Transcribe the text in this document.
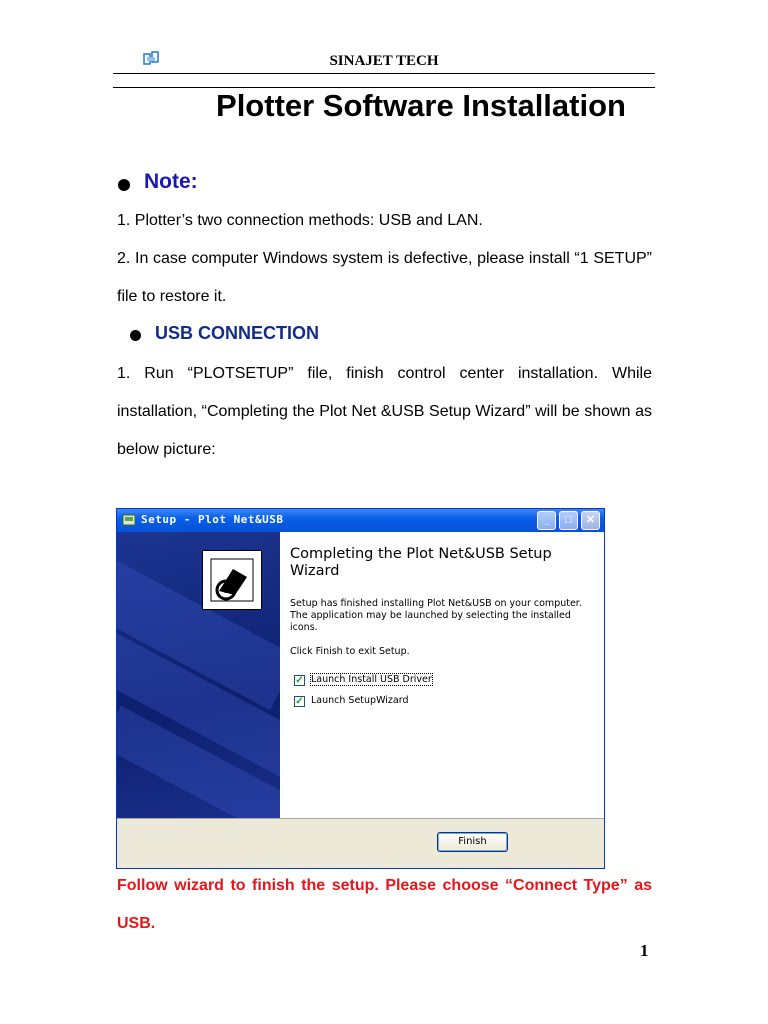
SINAJET TECH
Plotter Software Installation
Note:
1. Plotter’s two connection methods: USB and LAN.
2. In case computer Windows system is defective, please install “1 SETUP” file to restore it.
USB CONNECTION
1. Run “PLOTSETUP” file, finish control center installation. While installation, “Completing the Plot Net &USB Setup Wizard” will be shown as below picture:
Setup - Plot Net&USB	_	□	✕
Completing the Plot Net&USB Setup Wizard
Setup has finished installing Plot Net&USB on your computer. The application may be launched by selecting the installed icons.
Click Finish to exit Setup.
✓ Launch Install USB Driver
✓ Launch SetupWizard
Finish
Follow wizard to finish the setup. Please choose “Connect Type” as USB.
1
